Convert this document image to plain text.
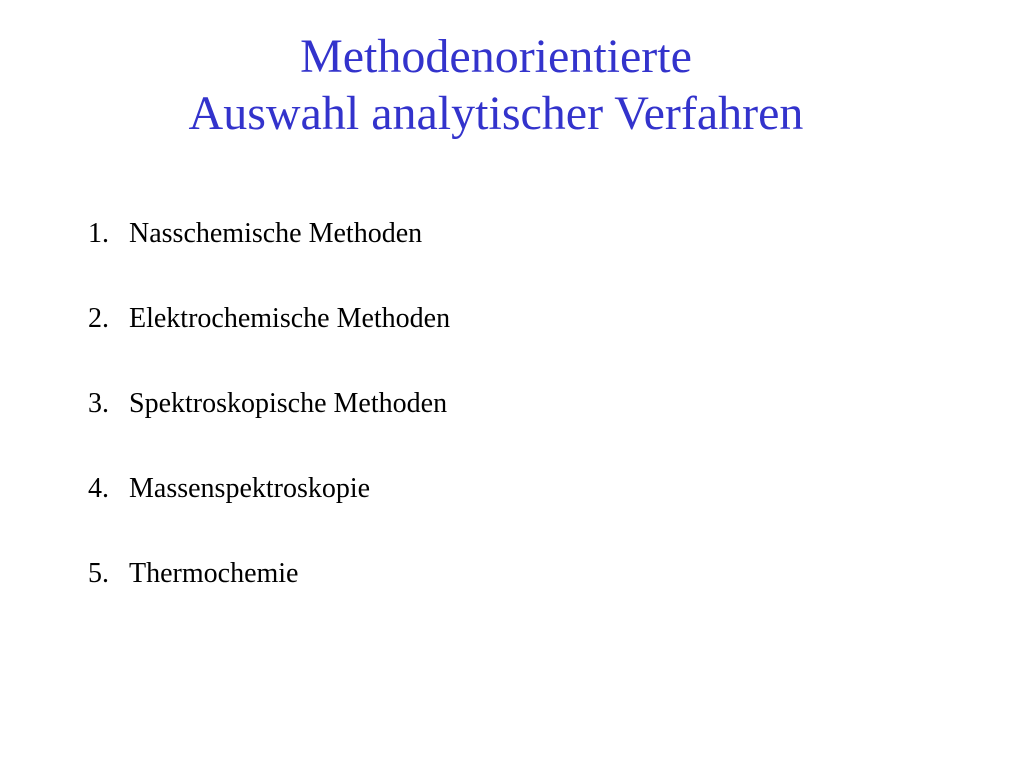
Methodenorientierte
Auswahl analytischer Verfahren
1. Nasschemische Methoden
2. Elektrochemische Methoden
3. Spektroskopische Methoden
4. Massenspektroskopie
5. Thermochemie
